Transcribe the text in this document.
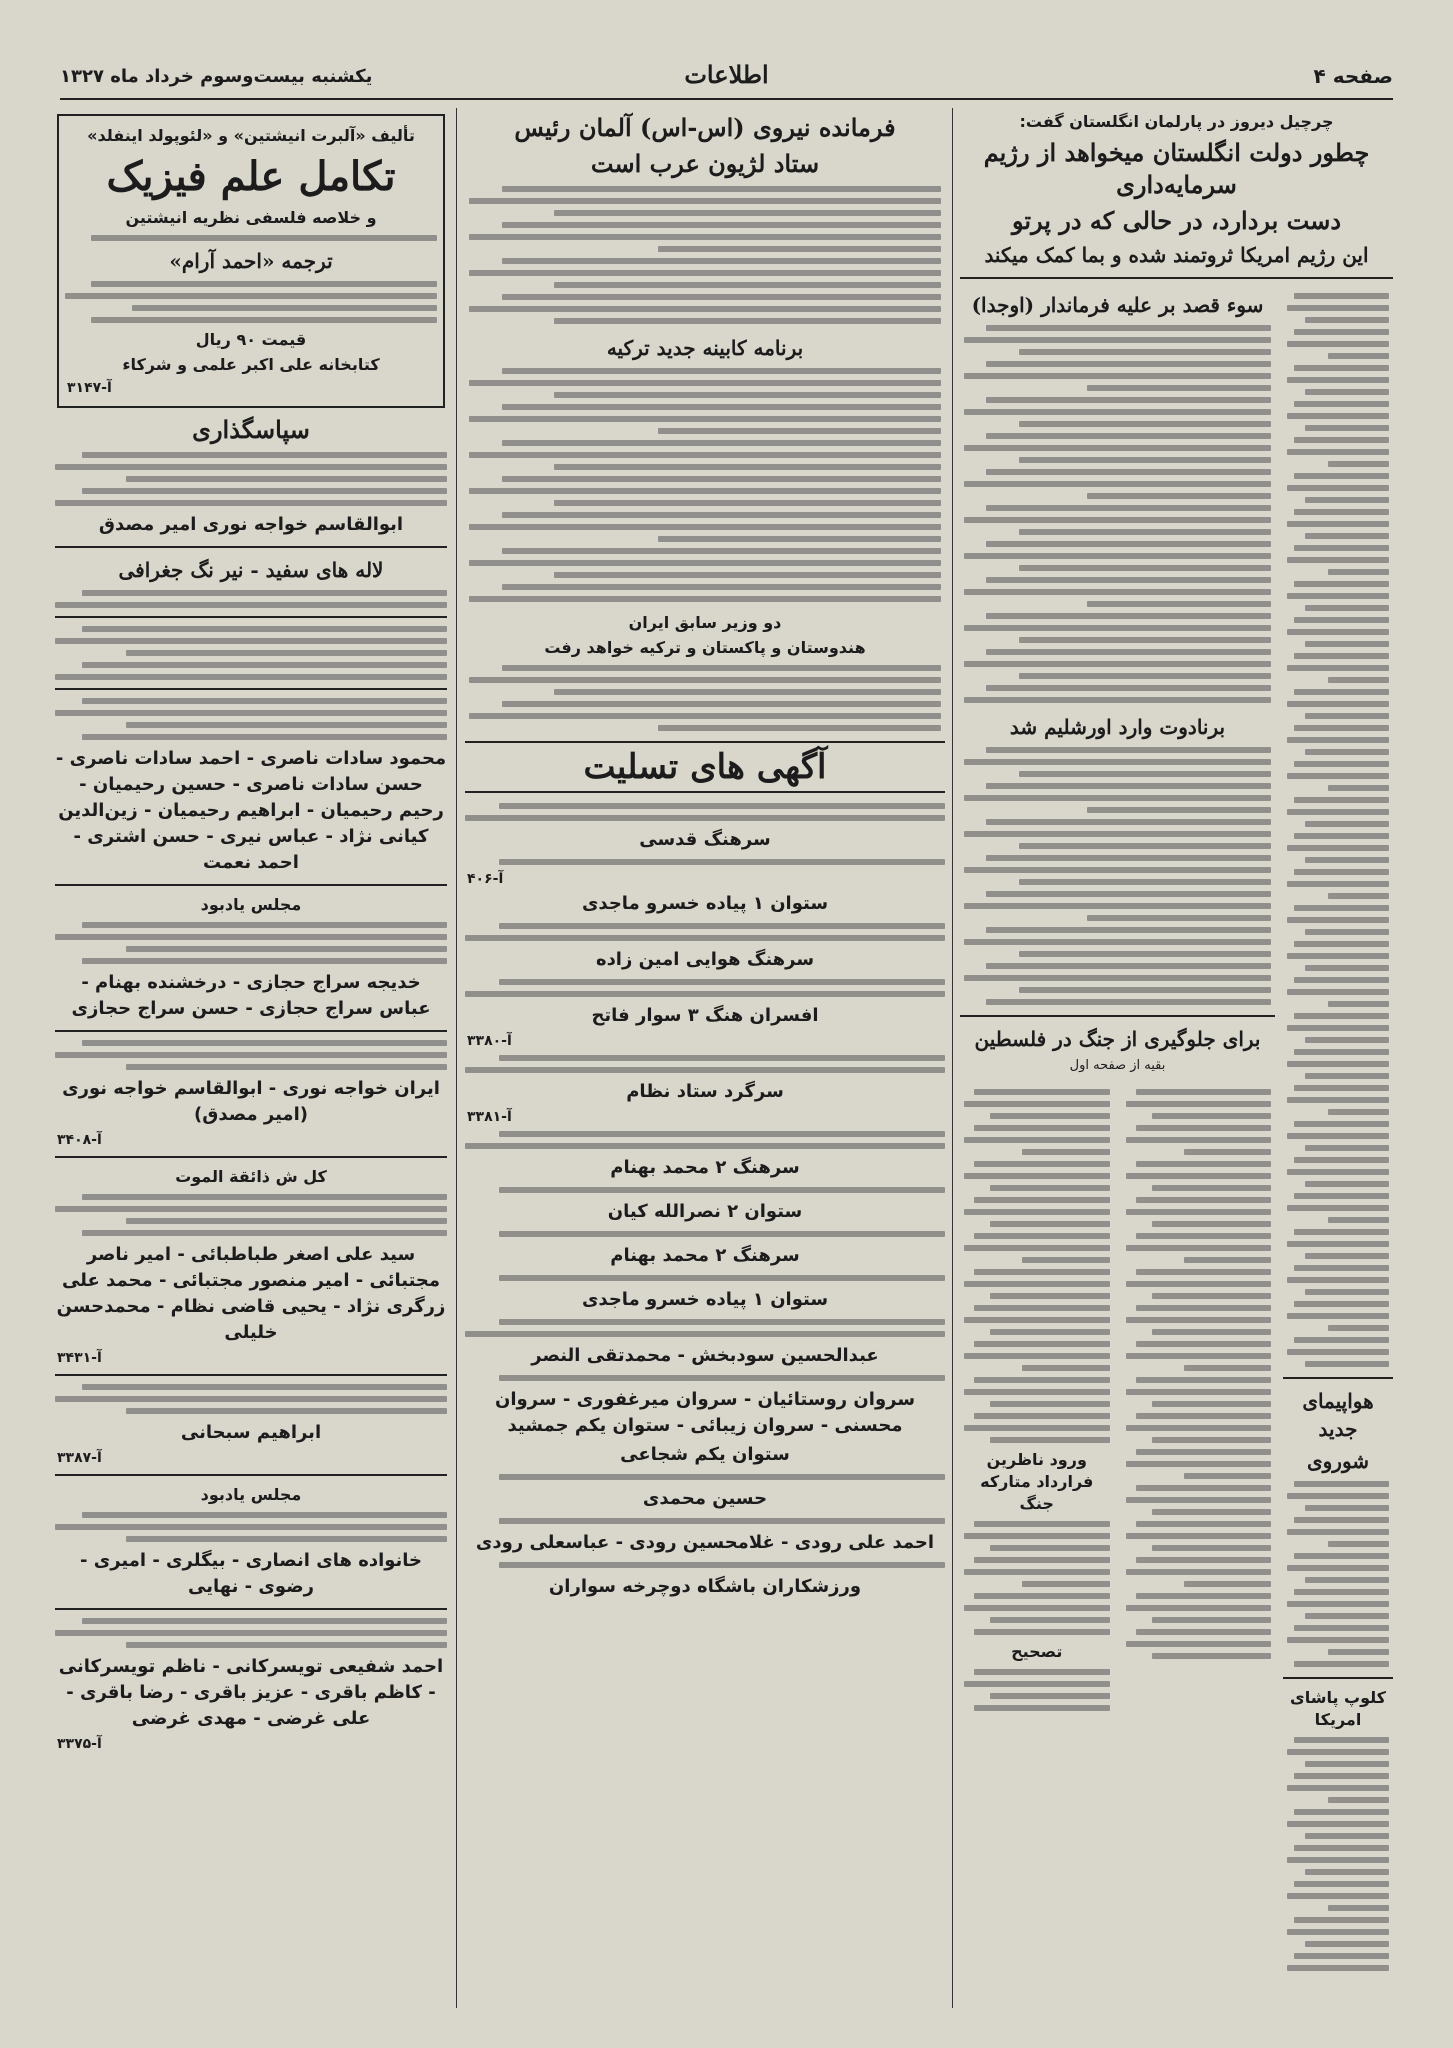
صفحه ۴
اطلاعات
یکشنبه بیست‌وسوم خرداد ماه ۱۳۲۷
چرچیل دیروز در پارلمان انگلستان گفت:
چطور دولت انگلستان میخواهد از رژیم سرمایه‌داری
دست بردارد، در حالی که در پرتو
این رژیم امریکا ثروتمند شده و بما کمک میکند
هواپیمای جدید
شوروی
کلوپ پاشای امریکا
سوء قصد بر علیه فرماندار (اوجدا)
برنادوت وارد اورشلیم شد
برای جلوگیری از جنگ در فلسطین
بقیه از صفحه اول
ورود ناظرین فرارداد متارکه جنگ
تصحیح
فرمانده نیروی (اس-اس) آلمان رئیس
ستاد لژیون عرب است
برنامه کابینه جدید ترکیه
دو وزیر سابق ایران
هندوستان و پاکستان و ترکیه خواهد رفت
آگهی های تسلیت
سرهنگ قدسی
۴۰۶-آ
ستوان ۱ پیاده خسرو ماجدی
سرهنگ هوایی امین زاده
افسران هنگ ۳ سوار فاتح
۳۳۸۰-آ
سرگرد ستاد نظام
۳۳۸۱-آ
سرهنگ ۲ محمد بهنام
ستوان ۲ نصرالله کیان
سرهنگ ۲ محمد بهنام
ستوان ۱ پیاده خسرو ماجدی
عبدالحسین سودبخش - محمدتقی النصر
سروان روستائیان - سروان میرغفوری - سروان محسنی - سروان زیبائی - ستوان یکم جمشید
ستوان یکم شجاعی
حسین محمدی
احمد علی رودی - غلامحسین رودی - عباسعلی رودی
ورزشکاران باشگاه دوچرخه سواران
تألیف «آلبرت انیشتین» و «لئوپولد اینفلد»
تکامل علم فیزیک
و خلاصه فلسفی نظریه انیشتین
ترجمه «احمد آرام»
قیمت ۹۰ ریال
کتابخانه علی اکبر علمی و شرکاء
۳۱۴۷-آ
سپاسگذاری
ابوالقاسم خواجه نوری امیر مصدق
لاله های سفید - نیر نگ جغرافی
محمود سادات ناصری - احمد سادات ناصری - حسن سادات ناصری - حسین رحیمیان - رحیم رحیمیان - ابراهیم رحیمیان - زین‌الدین کیانی نژاد - عباس نیری - حسن اشتری - احمد نعمت
مجلس یادبود
خدیجه سراج حجازی - درخشنده بهنام - عباس سراج حجازی - حسن سراج حجازی
ایران خواجه نوری - ابوالقاسم خواجه نوری (امیر مصدق)
۳۴۰۸-آ
کل ش ذائقة الموت
سید علی اصغر طباطبائی - امیر ناصر مجتبائی - امیر منصور مجتبائی - محمد علی زرگری نژاد - یحیی قاضی نظام - محمدحسن خلیلی
۳۴۳۱-آ
ابراهیم سبحانی
۳۳۸۷-آ
مجلس یادبود
خانواده های انصاری - بیگلری - امیری - رضوی - نهایی
احمد شفیعی تویسرکانی - ناظم تویسرکانی - کاظم باقری - عزیز باقری - رضا باقری - علی غرضی - مهدی غرضی
۳۳۷۵-آ
